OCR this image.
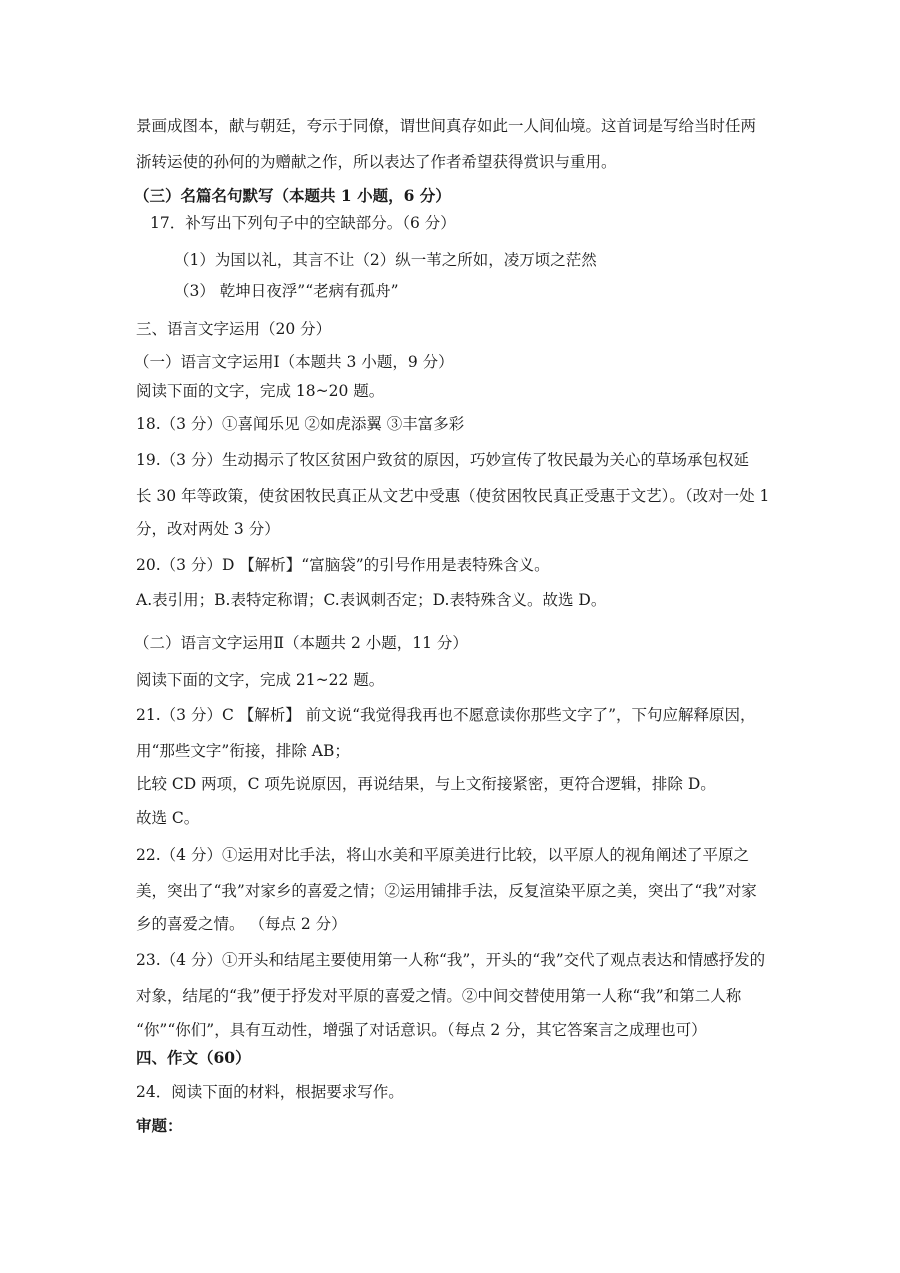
景画成图本，献与朝廷，夸示于同僚，谓世间真存如此一人间仙境。这首词是写给当时任两
浙转运使的孙何的为赠献之作，所以表达了作者希望获得赏识与重用。
（三）名篇名句默写（本题共 1 小题，6 分）
17．补写出下列句子中的空缺部分。（6 分）
（1）为国以礼，其言不让（2）纵一苇之所如，凌万顷之茫然
（3） 乾坤日夜浮”“老病有孤舟”
三、语言文字运用（20 分）
（一）语言文字运用Ⅰ（本题共 3 小题，9 分）
阅读下面的文字，完成 18~20 题。
18.（3 分）①喜闻乐见 ②如虎添翼 ③丰富多彩
19.（3 分）生动揭示了牧区贫困户致贫的原因，巧妙宣传了牧民最为关心的草场承包权延
长 30 年等政策，使贫困牧民真正从文艺中受惠（使贫困牧民真正受惠于文艺）。（改对一处 1
分，改对两处 3 分）
20.（3 分）D 【解析】“富脑袋”的引号作用是表特殊含义。
A.表引用；B.表特定称谓；C.表讽刺否定；D.表特殊含义。故选 D。
（二）语言文字运用Ⅱ（本题共 2 小题，11 分）
阅读下面的文字，完成 21~22 题。
21.（3 分）C 【解析】 前文说“我觉得我再也不愿意读你那些文字了”，下句应解释原因，
用“那些文字”衔接，排除 AB；
比较 CD 两项，C 项先说原因，再说结果，与上文衔接紧密，更符合逻辑，排除 D。
故选 C。
22.（4 分）①运用对比手法，将山水美和平原美进行比较，以平原人的视角阐述了平原之
美，突出了“我”对家乡的喜爱之情；②运用铺排手法，反复渲染平原之美，突出了“我”对家
乡的喜爱之情。 （每点 2 分）
23.（4 分）①开头和结尾主要使用第一人称“我”，开头的“我”交代了观点表达和情感抒发的
对象，结尾的“我”便于抒发对平原的喜爱之情。②中间交替使用第一人称“我”和第二人称
“你”“你们”，具有互动性，增强了对话意识。（每点 2 分，其它答案言之成理也可）
四、作文（60）
24．阅读下面的材料，根据要求写作。
审题：
